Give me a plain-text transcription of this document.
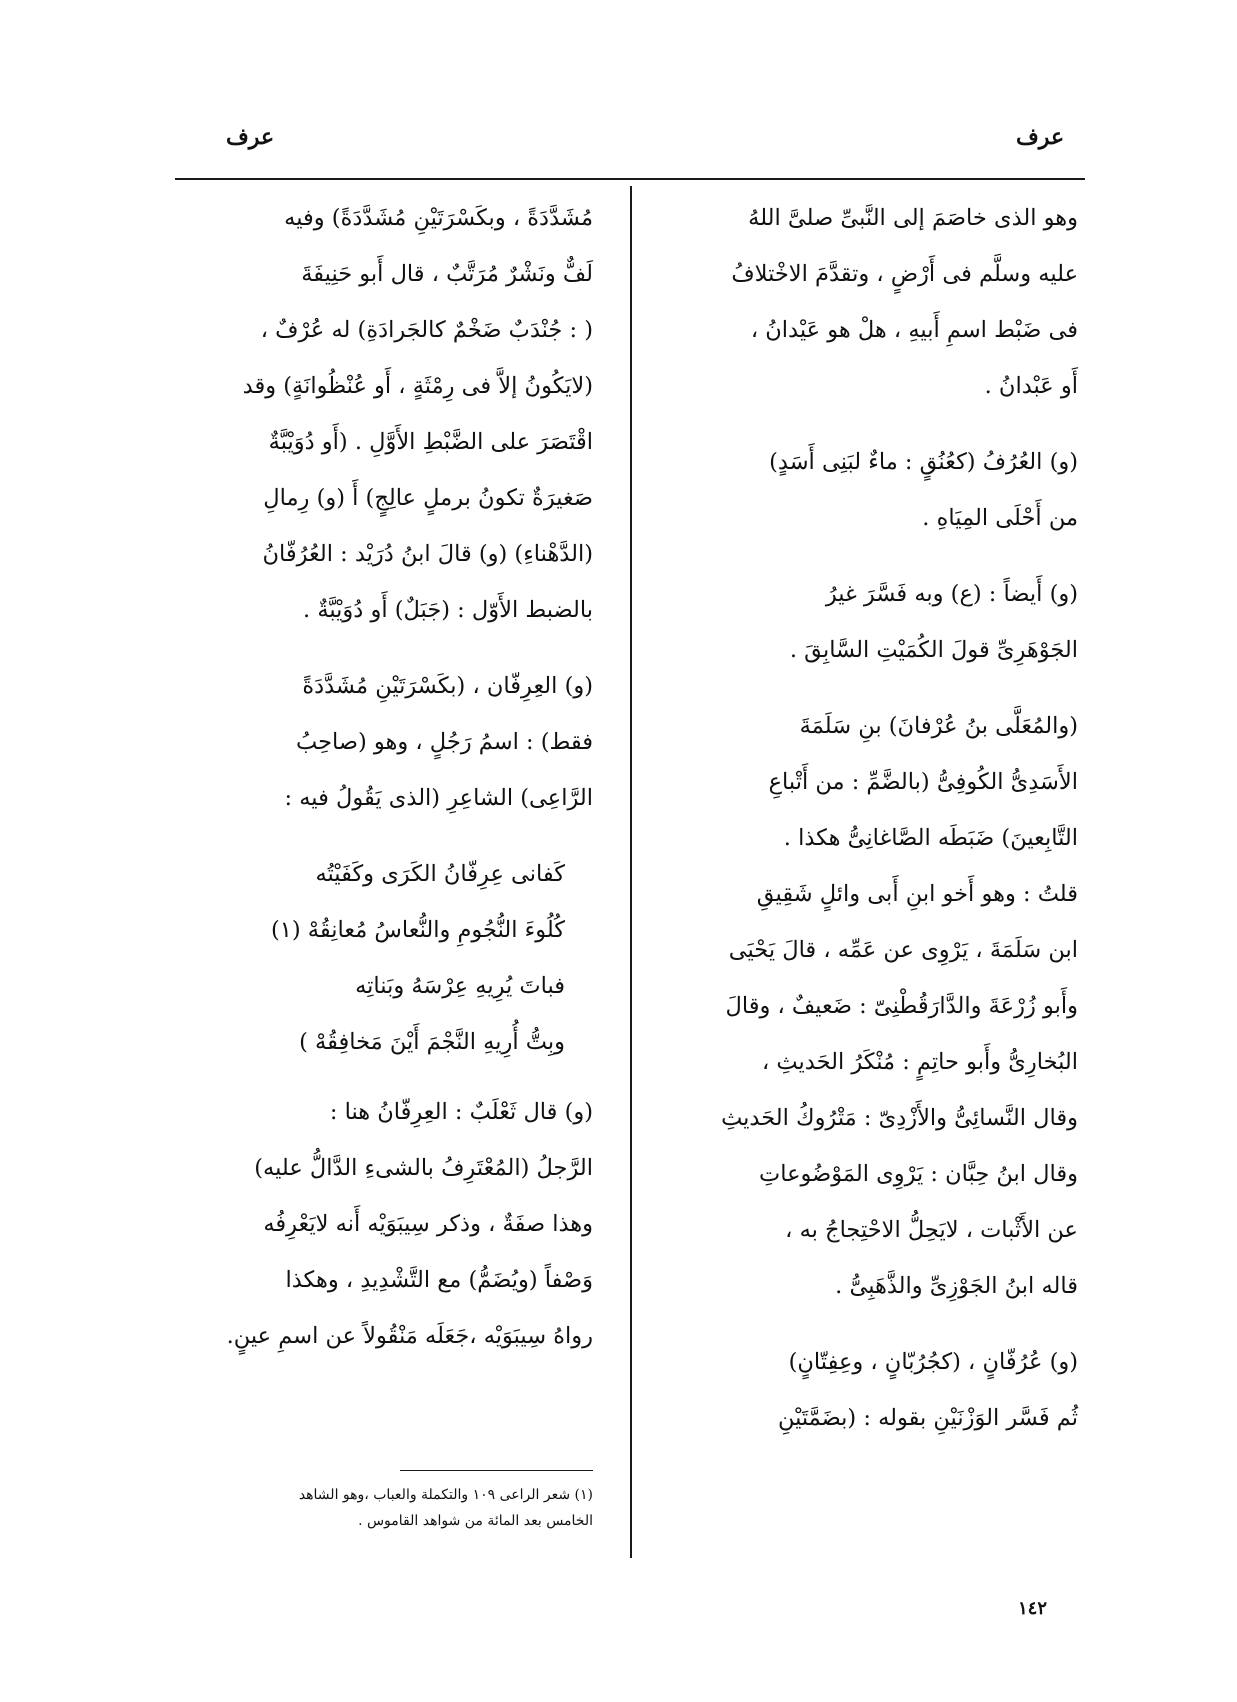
عرف
عرف
وهو الذى خاصَمَ إلى النَّبىِّ صلىَّ اللهُ
عليه وسلَّم فى أَرْضٍ ، وتقدَّمَ الاخْتلافُ
فى ضَبْط اسمِ أَبيهِ ، هلْ هو عَيْدانُ ،
أَو عَبْدانُ .
(و) العُرُفُ (كعُنُقٍ : ماءٌ لبَنِى أَسَدٍ)
من أَحْلَى المِيَاهِ .
(و) أَيضاً : (ع) وبه فَسَّرَ غيرُ
الجَوْهَرِىِّ قولَ الكُمَيْتِ السَّابِقَ .
(والمُعَلَّى بنُ عُرْفانَ) بنِ سَلَمَةَ
الأَسَدِىُّ الكُوفِىُّ (بالضَّمِّ : من أَتْباعِ
التَّابِعينَ) ضَبَطَه الصَّاغانِىُّ هكذا .
قلتُ : وهو أَخو ابنِ أَبى وائلٍ شَقِيقِ
ابن سَلَمَةَ ، يَرْوِى عن عَمِّه ، قالَ يَحْيَى
وأَبو زُرْعَةَ والدَّارَقُطْنِىّ : ضَعيفٌ ، وقالَ
البُخارِىُّ وأَبو حاتِمٍ : مُنْكَرُ الحَديثِ ،
وقال النَّسائِىُّ والأَزْدِىّ : مَتْرُوكُ الحَديثِ
وقال ابنُ حِبَّان : يَرْوِى المَوْضُوعاتِ
عن الأَثْبات ، لايَحِلُّ الاحْتِجاجُ به ،
قاله ابنُ الجَوْزِىِّ والذَّهَبِىُّ .
(و) عُرُفّانٍ ، (كجُرُبّانٍ ، وعِفِتّانٍ)
ثُم فَسَّر الوَزْنَيْنِ بقوله : (بضَمَّتَيْنِ
مُشَدَّدَةً ، وبكَسْرَتَيْنِ مُشَدَّدَةً) وفيه
لَفٌّ ونَشْرٌ مُرَتَّبٌ ، قال أَبو حَنِيفَةَ
( : جُنْدَبٌ ضَخْمٌ كالجَرادَةِ) له عُرْفٌ ،
(لايَكُونُ إلاَّ فى رِمْثَةٍ ، أَو عُنْظُوانَةٍ) وقد
اقْتَصَرَ على الضَّبْطِ الأَوَّلِ . (أَو دُوَيْبَّةٌ
صَغيرَةٌ تكونُ برملٍ عالِجٍ) أَ (و) رِمالِ
(الدَّهْناءِ) (و) قالَ ابنُ دُرَيْد : العُرُفّانُ
بالضبط الأَوّل : (جَبَلٌ) أَو دُوَيْبَّةٌ .
(و) العِرِفّان ، (بكَسْرَتَيْنِ مُشَدَّدَةً
فقط) : اسمُ رَجُلٍ ، وهو (صاحِبُ
الرَّاعِى) الشاعِرِ (الذى يَقُولُ فيه :
كَفانى عِرِفّانُ الكَرَى وكَفَيْتُه
كُلُوءَ النُّجُومِ والنُّعاسُ مُعانِقُهْ (١)
فباتَ يُرِيهِ عِرْسَهُ وبَناتِه
وبِتُّ أُرِيهِ النَّجْمَ أَيْنَ مَخافِقُهْ )
(و) قال ثَعْلَبٌ : العِرِفّانُ هنا :
الرَّجلُ (المُعْتَرِفُ بالشىءِ الدَّالُّ عليه)
وهذا صفَةٌ ، وذكر سِيبَوَيْه أَنه لايَعْرِفُه
وَصْفاً (ويُضَمُّ) مع التَّشْدِيدِ ، وهكذا
رواهُ سِيبَوَيْه ،جَعَلَه مَنْقُولاً عن اسمِ عينٍ.
(١) شعر الراعى ١٠٩ والتكملة والعباب ،وهو الشاهد
الخامس بعد المائة من شواهد القاموس .
١٤٢
